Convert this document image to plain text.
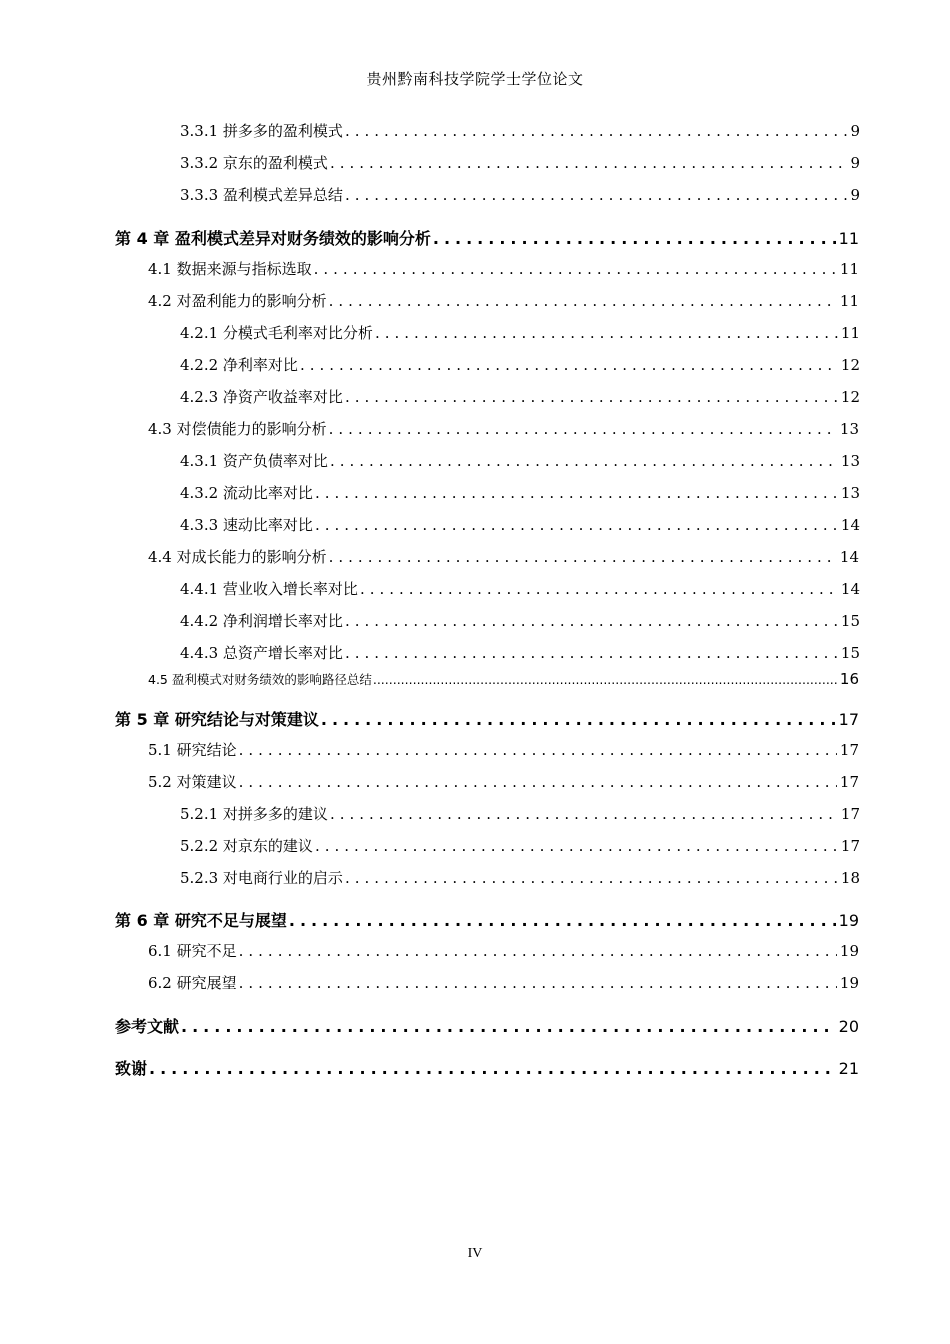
贵州黔南科技学院学士学位论文
3.3.1 拼多多的盈利模式 .....	9
3.3.2 京东的盈利模式 .....	9
3.3.3 盈利模式差异总结 .....	9
第 4 章 盈利模式差异对财务绩效的影响分析 .....	11
4.1 数据来源与指标选取 .....	11
4.2 对盈利能力的影响分析 .....	11
4.2.1 分模式毛利率对比分析 .....	11
4.2.2 净利率对比 .....	12
4.2.3 净资产收益率对比 .....	12
4.3 对偿债能力的影响分析 .....	13
4.3.1 资产负债率对比 .....	13
4.3.2 流动比率对比 .....	13
4.3.3 速动比率对比 .....	14
4.4 对成长能力的影响分析 .....	14
4.4.1 营业收入增长率对比 .....	14
4.4.2 净利润增长率对比 .....	15
4.4.3 总资产增长率对比 .....	15
4.5 盈利模式对财务绩效的影响路径总结 .....	16
第 5 章 研究结论与对策建议 .....	17
5.1 研究结论 .....	17
5.2 对策建议 .....	17
5.2.1 对拼多多的建议 .....	17
5.2.2 对京东的建议 .....	17
5.2.3 对电商行业的启示 .....	18
第 6 章 研究不足与展望 .....	19
6.1 研究不足 .....	19
6.2 研究展望 .....	19
参考文献 .....	20
致谢 .....	21
IV
